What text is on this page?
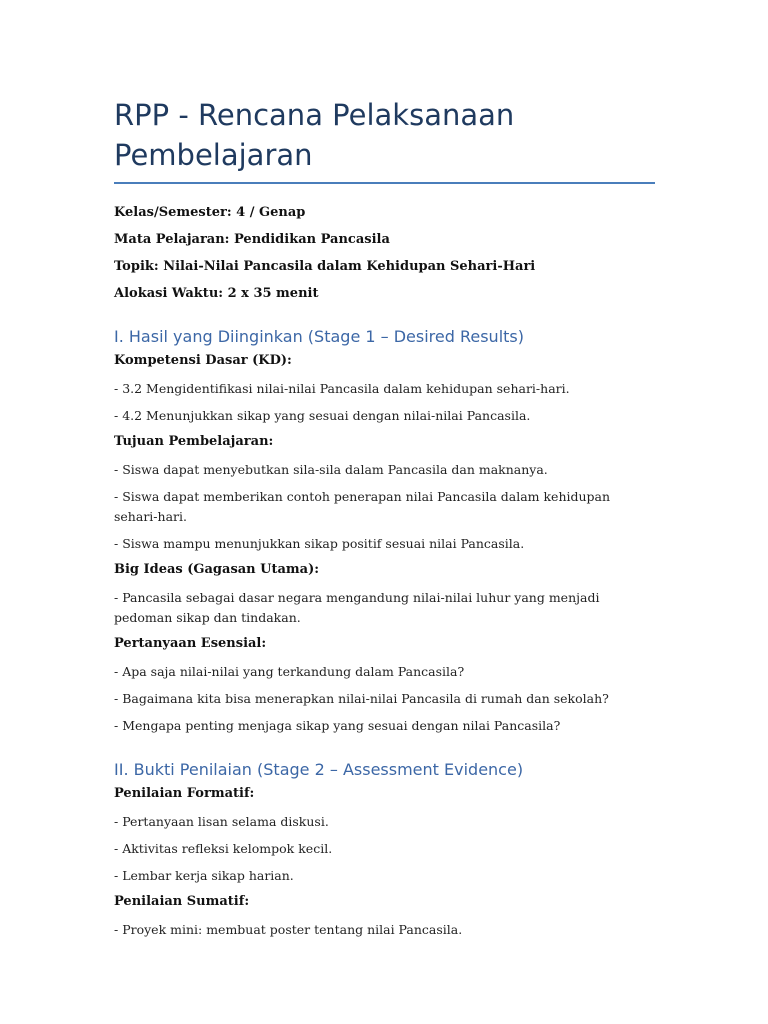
RPP - Rencana Pelaksanaan Pembelajaran

Kelas/Semester: 4 / Genap

Mata Pelajaran: Pendidikan Pancasila

Topik: Nilai-Nilai Pancasila dalam Kehidupan Sehari-Hari

Alokasi Waktu: 2 x 35 menit

I. Hasil yang Diinginkan (Stage 1 – Desired Results)

Kompetensi Dasar (KD):

- 3.2 Mengidentifikasi nilai-nilai Pancasila dalam kehidupan sehari-hari.

- 4.2 Menunjukkan sikap yang sesuai dengan nilai-nilai Pancasila.

Tujuan Pembelajaran:

- Siswa dapat menyebutkan sila-sila dalam Pancasila dan maknanya.

- Siswa dapat memberikan contoh penerapan nilai Pancasila dalam kehidupan sehari-hari.

- Siswa mampu menunjukkan sikap positif sesuai nilai Pancasila.

Big Ideas (Gagasan Utama):

- Pancasila sebagai dasar negara mengandung nilai-nilai luhur yang menjadi pedoman sikap dan tindakan.

Pertanyaan Esensial:

- Apa saja nilai-nilai yang terkandung dalam Pancasila?

- Bagaimana kita bisa menerapkan nilai-nilai Pancasila di rumah dan sekolah?

- Mengapa penting menjaga sikap yang sesuai dengan nilai Pancasila?

II. Bukti Penilaian (Stage 2 – Assessment Evidence)

Penilaian Formatif:

- Pertanyaan lisan selama diskusi.

- Aktivitas refleksi kelompok kecil.

- Lembar kerja sikap harian.

Penilaian Sumatif:

- Proyek mini: membuat poster tentang nilai Pancasila.
